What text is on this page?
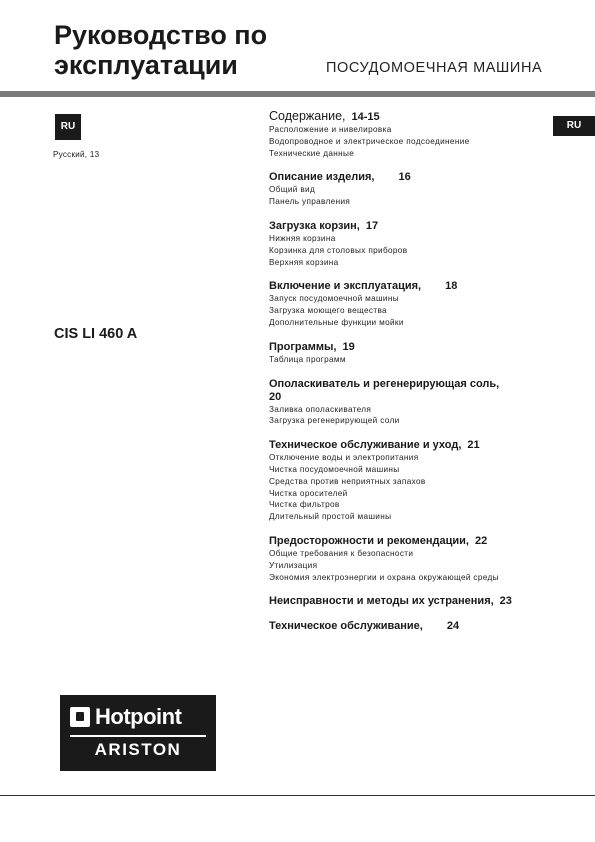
Руководство по
эксплуатации	ПОСУДОМОЕЧНАЯ МАШИНА
RU
Русский, 13
RU
CIS LI 460 A
Содержание, 14-15
Расположение и нивелировка
Водопроводное и электрическое подсоединение
Технические данные
Описание изделия, 16
Общий вид
Панель управления
Загрузка корзин, 17
Нижняя корзина
Корзинка для столовых приборов
Верхняя корзина
Включение и эксплуатация, 18
Запуск посудомоечной машины
Загрузка моющего вещества
Дополнительные функции мойки
Программы, 19
Таблица программ
Ополаскиватель и регенерирующая соль,
20
Заливка ополаскивателя
Загрузка регенерирующей соли
Техническое обслуживание и уход, 21
Отключение воды и электропитания
Чистка посудомоечной машины
Средства против неприятных запахов
Чистка оросителей
Чистка фильтров
Длительный простой машины
Предосторожности и рекомендации, 22
Общие требования к безопасности
Утилизация
Экономия электроэнергии и охрана окружающей среды
Неисправности и методы их устранения, 23
Техническое обслуживание, 24
Hotpoint
ARISTON
